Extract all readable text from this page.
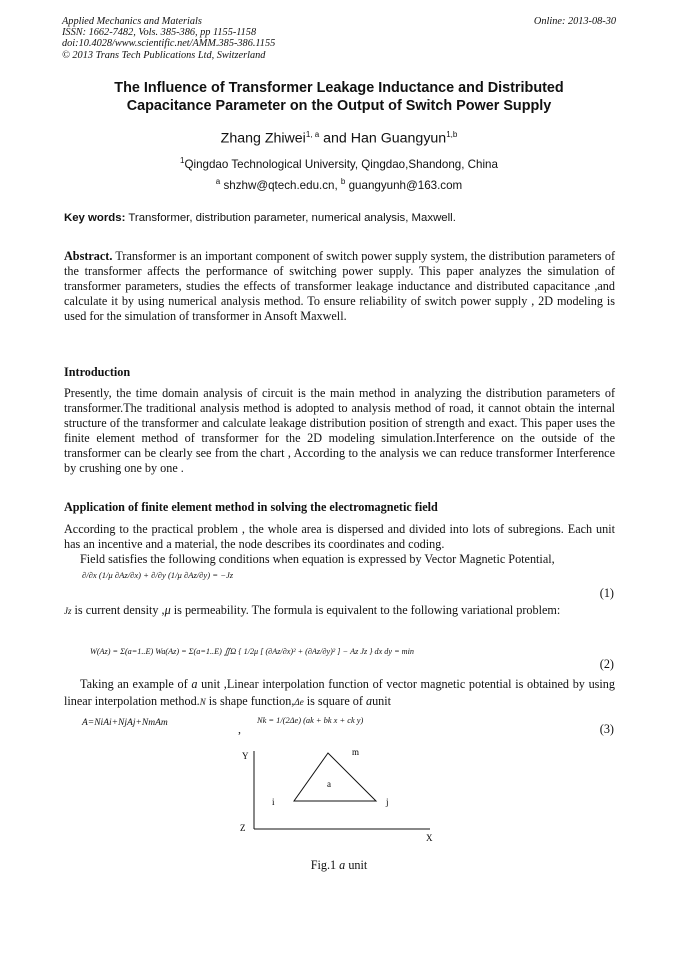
Applied Mechanics and Materials
ISSN: 1662-7482, Vols. 385-386, pp 1155-1158
doi:10.4028/www.scientific.net/AMM.385-386.1155
© 2013 Trans Tech Publications Ltd, Switzerland
Online: 2013-08-30
The Influence of Transformer Leakage Inductance and Distributed
Capacitance Parameter on the Output of Switch Power Supply
Zhang Zhiwei$^{1, a}$ and Han Guangyun$^{1,b}$
$^1$Qingdao Technological University, Qingdao,Shandong, China
$^a$ shzhw@qtech.edu.cn, $^b$ guangyunh@163.com
Key words: Transformer, distribution parameter, numerical analysis, Maxwell.
Abstract. Transformer is an important component of switch power supply system, the distribution parameters of the transformer affects the performance of switching power supply. This paper analyzes the simulation of transformer parameters, studies the effects of transformer leakage inductance and distributed capacitance ,and calculate it by using numerical analysis method. To ensure reliability of switch power supply , 2D modeling is used for the simulation of transformer in Ansoft Maxwell.
Introduction
Presently, the time domain analysis of circuit is the main method in analyzing the distribution parameters of transformer.The traditional analysis method is adopted to analysis method of road, it cannot obtain the internal structure of the transformer and calculate leakage distribution position of strength and exact. This paper uses the finite element method of transformer for the 2D modeling simulation.Interference on the outside of the transformer can be clearly see from the chart , According to the analysis we can reduce transformer Interference by crushing one by one .
Application of finite element method in solving the electromagnetic field
According to the practical problem , the whole area is dispersed and divided into lots of subregions. Each unit has an incentive and a material, the node describes its coordinates and coding.
Field satisfies the following conditions when equation is expressed by Vector Magnetic Potential,
∂/∂x (1/μ ∂Az/∂x) + ∂/∂y (1/μ ∂Az/∂y) = −Jz
(1)
Jz is current density ,μ is permeability. The formula is equivalent to the following variational problem:
W(Az) = Σ(a=1..E) Wa(Az) = Σ(a=1..E) ∬Ω { 1/2μ [ (∂Az/∂x)² + (∂Az/∂y)² ] − Az Jz } dx dy = min
(2)
Taking an example of a unit ,Linear interpolation function of vector magnetic potential is obtained by using linear interpolation method.N is shape function,Δe is square of aunit
A=NiAi+NjAj+NmAm	,
Nk = 1/(2Δe) (ak + bk x + ck y)
(3)
Y
Z
X
m
i	j
a
Fig.1 a unit
